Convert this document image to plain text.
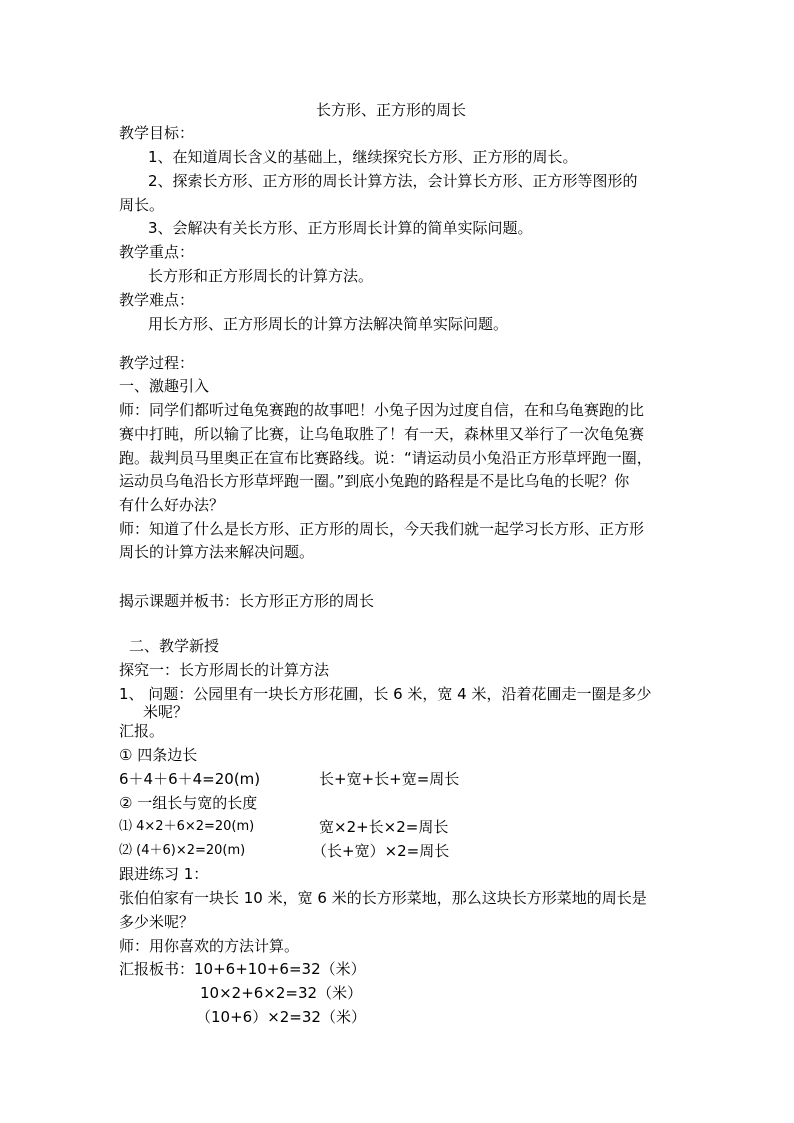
长方形、正方形的周长
教学目标：
1、在知道周长含义的基础上，继续探究长方形、正方形的周长。
2、探索长方形、正方形的周长计算方法，会计算长方形、正方形等图形的
周长。
3、会解决有关长方形、正方形周长计算的简单实际问题。
教学重点：
长方形和正方形周长的计算方法。
教学难点：
用长方形、正方形周长的计算方法解决简单实际问题。
教学过程：
一、激趣引入
师：同学们都听过龟兔赛跑的故事吧！小兔子因为过度自信，在和乌龟赛跑的比
赛中打盹，所以输了比赛，让乌龟取胜了！有一天，森林里又举行了一次龟兔赛
跑。裁判员马里奥正在宣布比赛路线。说：“请运动员小兔沿正方形草坪跑一圈，
运动员乌龟沿长方形草坪跑一圈。”到底小兔跑的路程是不是比乌龟的长呢？你
有什么好办法？
师：知道了什么是长方形、正方形的周长，今天我们就一起学习长方形、正方形
周长的计算方法来解决问题。
揭示课题并板书：长方形正方形的周长
二、教学新授
探究一：长方形周长的计算方法
1、 问题：公园里有一块长方形花圃，长 6 米，宽 4 米，沿着花圃走一圈是多少
米呢？
汇报。
① 四条边长
6＋4＋6＋4=20(m)	长+宽+长+宽=周长
② 一组长与宽的长度
⑴ 4×2＋6×2=20(m)	宽×2+长×2=周长
⑵ (4＋6)×2=20(m)	（长+宽）×2=周长
跟进练习 1：
张伯伯家有一块长 10 米，宽 6 米的长方形菜地，那么这块长方形菜地的周长是
多少米呢？
师：用你喜欢的方法计算。
汇报板书：10+6+10+6=32（米）
10×2+6×2=32（米）
（10+6）×2=32（米）
